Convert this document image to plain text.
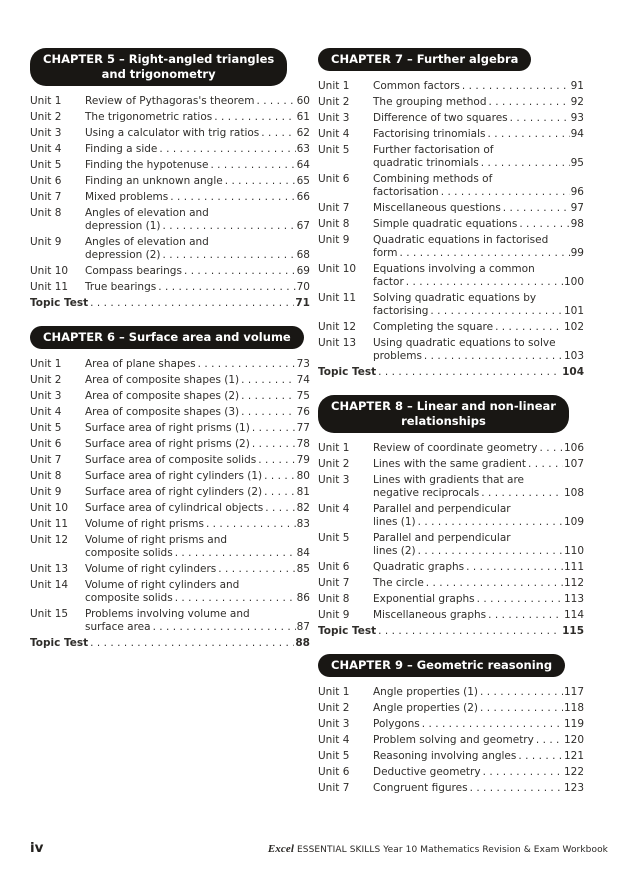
CHAPTER 5 – Right-angled triangles
and trigonometry
Unit 1	Review of Pythagoras's theorem .....	60
Unit 2	The trigonometric ratios .....	61
Unit 3	Using a calculator with trig ratios .....	62
Unit 4	Finding a side .....	63
Unit 5	Finding the hypotenuse .....	64
Unit 6	Finding an unknown angle .....	65
Unit 7	Mixed problems .....	66
Unit 8	Angles of elevation and
depression (1) .....	67
Unit 9	Angles of elevation and
depression (2) .....	68
Unit 10	Compass bearings .....	69
Unit 11	True bearings .....	70
Topic Test .....	71
CHAPTER 6 – Surface area and volume
Unit 1	Area of plane shapes .....	73
Unit 2	Area of composite shapes (1) .....	74
Unit 3	Area of composite shapes (2) .....	75
Unit 4	Area of composite shapes (3) .....	76
Unit 5	Surface area of right prisms (1) .....	77
Unit 6	Surface area of right prisms (2) .....	78
Unit 7	Surface area of composite solids .....	79
Unit 8	Surface area of right cylinders (1) .....	80
Unit 9	Surface area of right cylinders (2) .....	81
Unit 10	Surface area of cylindrical objects .....	82
Unit 11	Volume of right prisms .....	83
Unit 12	Volume of right prisms and
composite solids .....	84
Unit 13	Volume of right cylinders .....	85
Unit 14	Volume of right cylinders and
composite solids .....	86
Unit 15	Problems involving volume and
surface area .....	87
Topic Test .....	88
CHAPTER 7 – Further algebra
Unit 1	Common factors .....	91
Unit 2	The grouping method .....	92
Unit 3	Difference of two squares .....	93
Unit 4	Factorising trinomials .....	94
Unit 5	Further factorisation of
quadratic trinomials .....	95
Unit 6	Combining methods of
factorisation .....	96
Unit 7	Miscellaneous questions .....	97
Unit 8	Simple quadratic equations .....	98
Unit 9	Quadratic equations in factorised
form .....	99
Unit 10	Equations involving a common
factor .....	100
Unit 11	Solving quadratic equations by
factorising .....	101
Unit 12	Completing the square .....	102
Unit 13	Using quadratic equations to solve
problems .....	103
Topic Test .....	104
CHAPTER 8 – Linear and non-linear
relationships
Unit 1	Review of coordinate geometry .....	106
Unit 2	Lines with the same gradient .....	107
Unit 3	Lines with gradients that are
negative reciprocals .....	108
Unit 4	Parallel and perpendicular
lines (1) .....	109
Unit 5	Parallel and perpendicular
lines (2) .....	110
Unit 6	Quadratic graphs .....	111
Unit 7	The circle .....	112
Unit 8	Exponential graphs .....	113
Unit 9	Miscellaneous graphs .....	114
Topic Test .....	115
CHAPTER 9 – Geometric reasoning
Unit 1	Angle properties (1) .....	117
Unit 2	Angle properties (2) .....	118
Unit 3	Polygons .....	119
Unit 4	Problem solving and geometry .....	120
Unit 5	Reasoning involving angles .....	121
Unit 6	Deductive geometry .....	122
Unit 7	Congruent figures .....	123
iv	Excel ESSENTIAL SKILLS Year 10 Mathematics Revision & Exam Workbook
